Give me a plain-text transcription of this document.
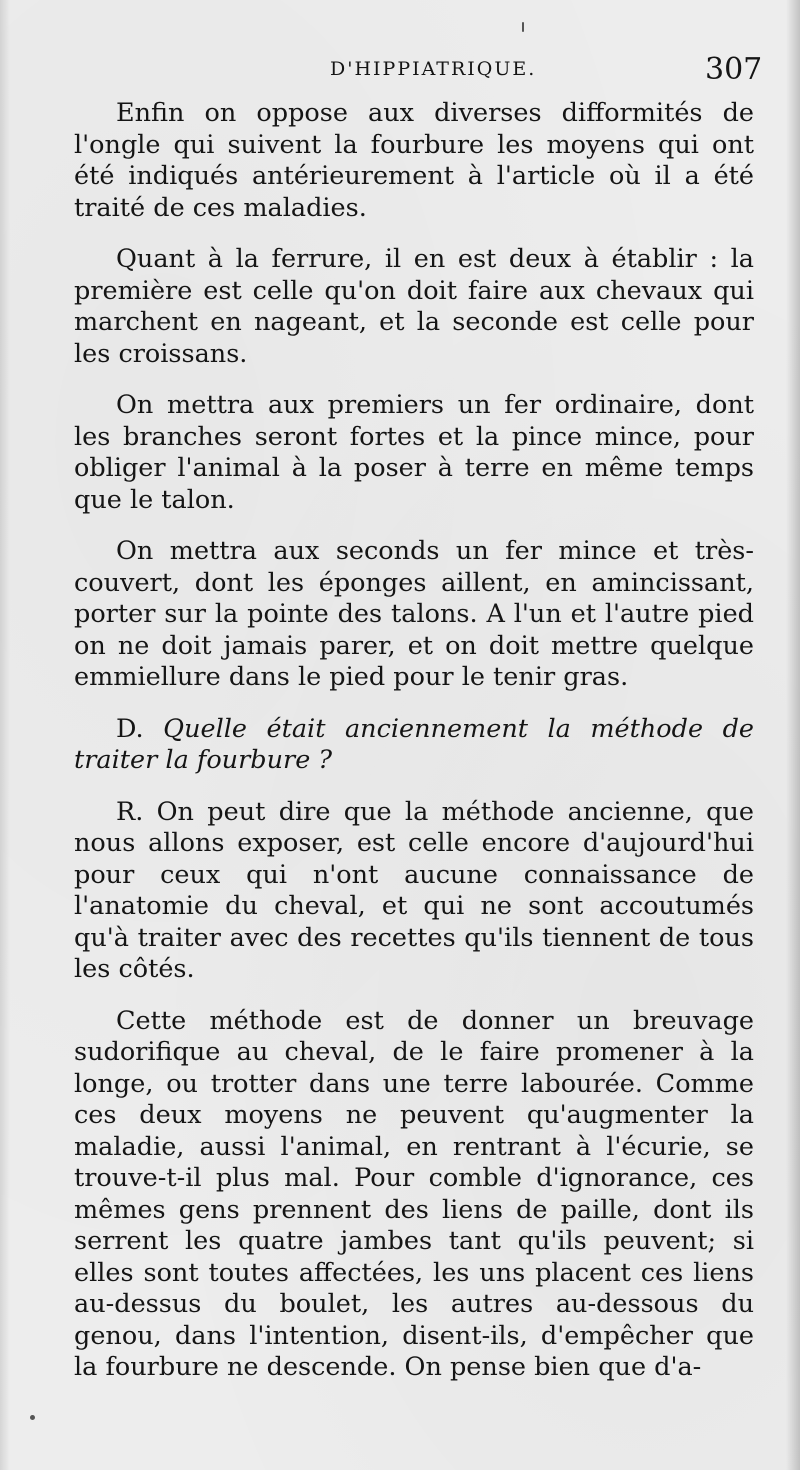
D'HIPPIATRIQUE.	307

Enfin on oppose aux diverses difformités de l'ongle qui suivent la fourbure les moyens qui ont été indiqués antérieurement à l'article où il a été traité de ces maladies.

Quant à la ferrure, il en est deux à établir : la première est celle qu'on doit faire aux chevaux qui marchent en nageant, et la seconde est celle pour les croissans.

On mettra aux premiers un fer ordinaire, dont les branches seront fortes et la pince mince, pour obliger l'animal à la poser à terre en même temps que le talon.

On mettra aux seconds un fer mince et très-couvert, dont les éponges aillent, en amincissant, porter sur la pointe des talons. A l'un et l'autre pied on ne doit jamais parer, et on doit mettre quelque emmiellure dans le pied pour le tenir gras.

D. Quelle était anciennement la méthode de traiter la fourbure ?

R. On peut dire que la méthode ancienne, que nous allons exposer, est celle encore d'aujourd'hui pour ceux qui n'ont aucune connaissance de l'anatomie du cheval, et qui ne sont accoutumés qu'à traiter avec des recettes qu'ils tiennent de tous les côtés.

Cette méthode est de donner un breuvage sudorifique au cheval, de le faire promener à la longe, ou trotter dans une terre labourée. Comme ces deux moyens ne peuvent qu'augmenter la maladie, aussi l'animal, en rentrant à l'écurie, se trouve-t-il plus mal. Pour comble d'ignorance, ces mêmes gens prennent des liens de paille, dont ils serrent les quatre jambes tant qu'ils peuvent; si elles sont toutes affectées, les uns placent ces liens au-dessus du boulet, les autres au-dessous du genou, dans l'intention, disent-ils, d'empêcher que la fourbure ne descende. On pense bien que d'a-
